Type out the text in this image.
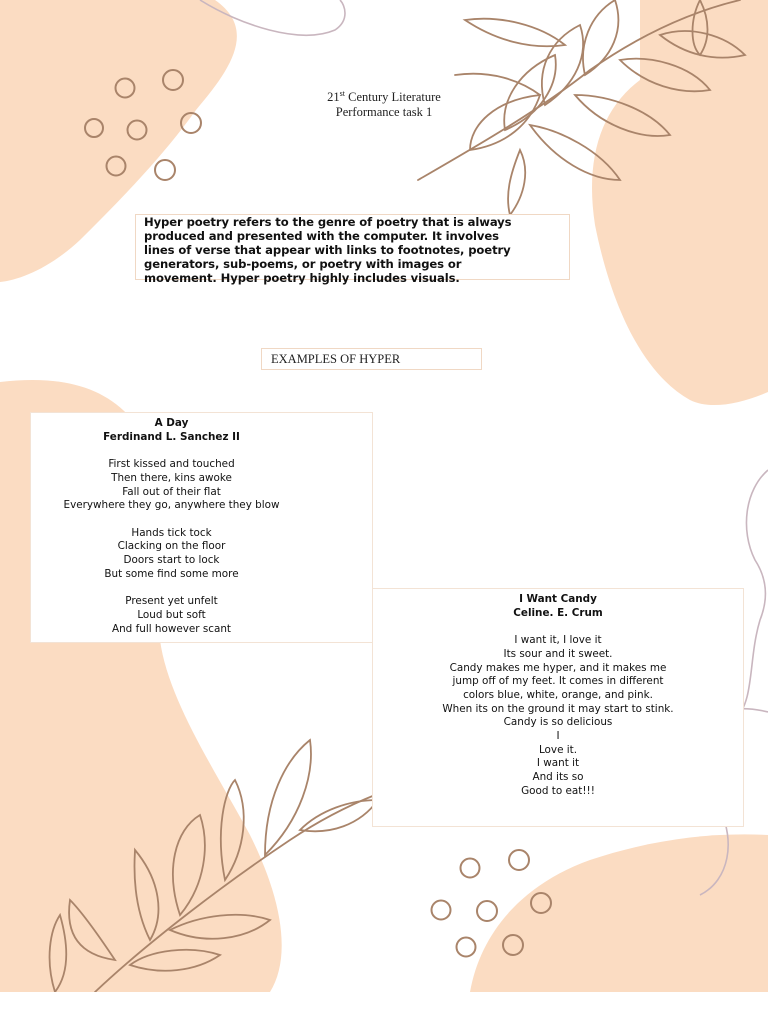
21st Century Literature
Performance task 1
Hyper poetry refers to the genre of poetry that is always
produced and presented with the computer. It involves
lines of verse that appear with links to footnotes, poetry
generators, sub-poems, or poetry with images or
movement. Hyper poetry highly includes visuals.
EXAMPLES OF HYPER
A Day
Ferdinand L. Sanchez II
First kissed and touched
Then there, kins awoke
Fall out of their flat
Everywhere they go, anywhere they blow
Hands tick tock
Clacking on the floor
Doors start to lock
But some find some more
Present yet unfelt
Loud but soft
And full however scant
I Want Candy
Celine. E. Crum
I want it, I love it
Its sour and it sweet.
Candy makes me hyper, and it makes me
jump off of my feet. It comes in different
colors blue, white, orange, and pink.
When its on the ground it may start to stink.
Candy is so delicious
I
Love it.
I want it
And its so
Good to eat!!!
